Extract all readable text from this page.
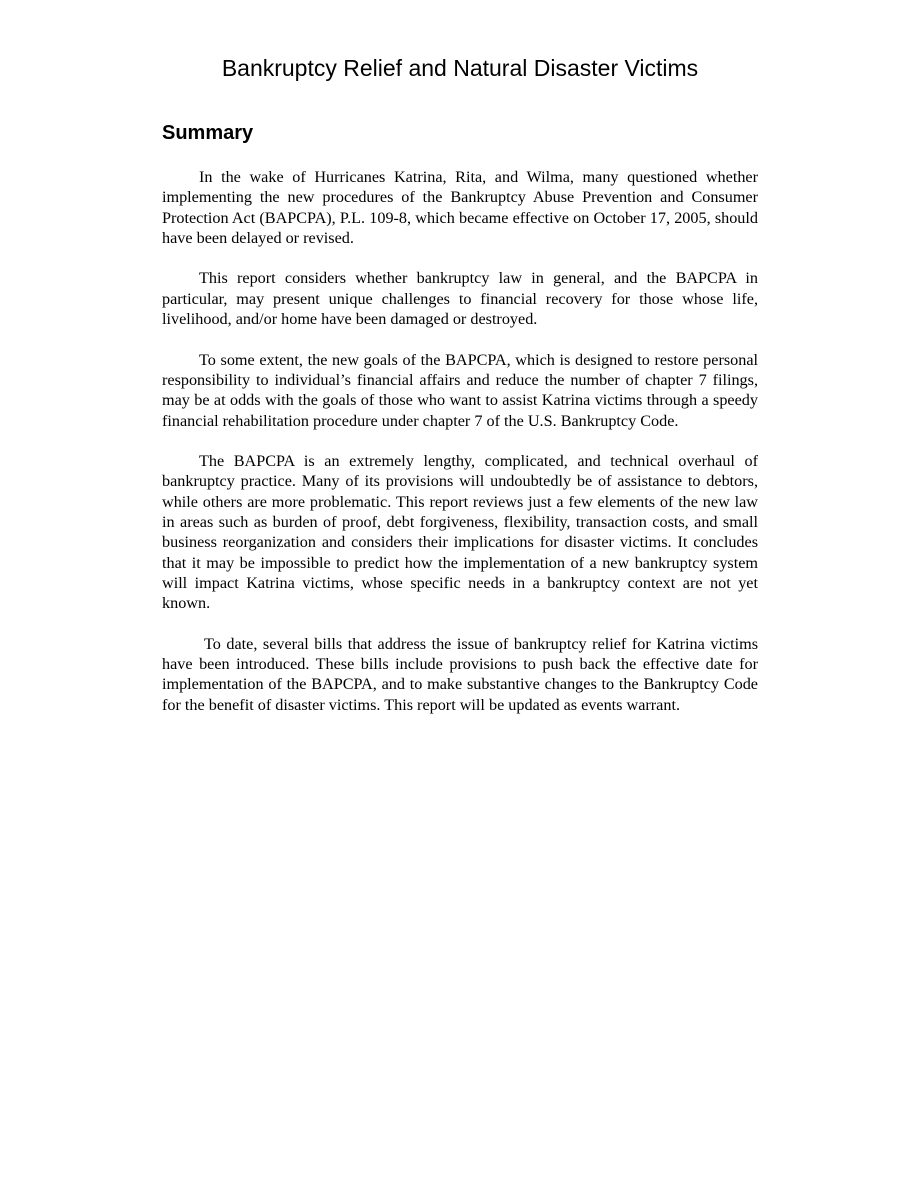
Bankruptcy Relief and Natural Disaster Victims
Summary

In the wake of Hurricanes Katrina, Rita, and Wilma, many questioned whether implementing the new procedures of the Bankruptcy Abuse Prevention and Consumer Protection Act (BAPCPA), P.L. 109-8, which became effective on October 17, 2005, should have been delayed or revised.

This report considers whether bankruptcy law in general, and the BAPCPA in particular, may present unique challenges to financial recovery for those whose life, livelihood, and/or home have been damaged or destroyed.

To some extent, the new goals of the BAPCPA, which is designed to restore personal responsibility to individual’s financial affairs and reduce the number of chapter 7 filings, may be at odds with the goals of those who want to assist Katrina victims through a speedy financial rehabilitation procedure under chapter 7 of the U.S. Bankruptcy Code.

The BAPCPA is an extremely lengthy, complicated, and technical overhaul of bankruptcy practice. Many of its provisions will undoubtedly be of assistance to debtors, while others are more problematic. This report reviews just a few elements of the new law in areas such as burden of proof, debt forgiveness, flexibility, transaction costs, and small business reorganization and considers their implications for disaster victims. It concludes that it may be impossible to predict how the implementation of a new bankruptcy system will impact Katrina victims, whose specific needs in a bankruptcy context are not yet known.

To date, several bills that address the issue of bankruptcy relief for Katrina victims have been introduced. These bills include provisions to push back the effective date for implementation of the BAPCPA, and to make substantive changes to the Bankruptcy Code for the benefit of disaster victims. This report will be updated as events warrant.
